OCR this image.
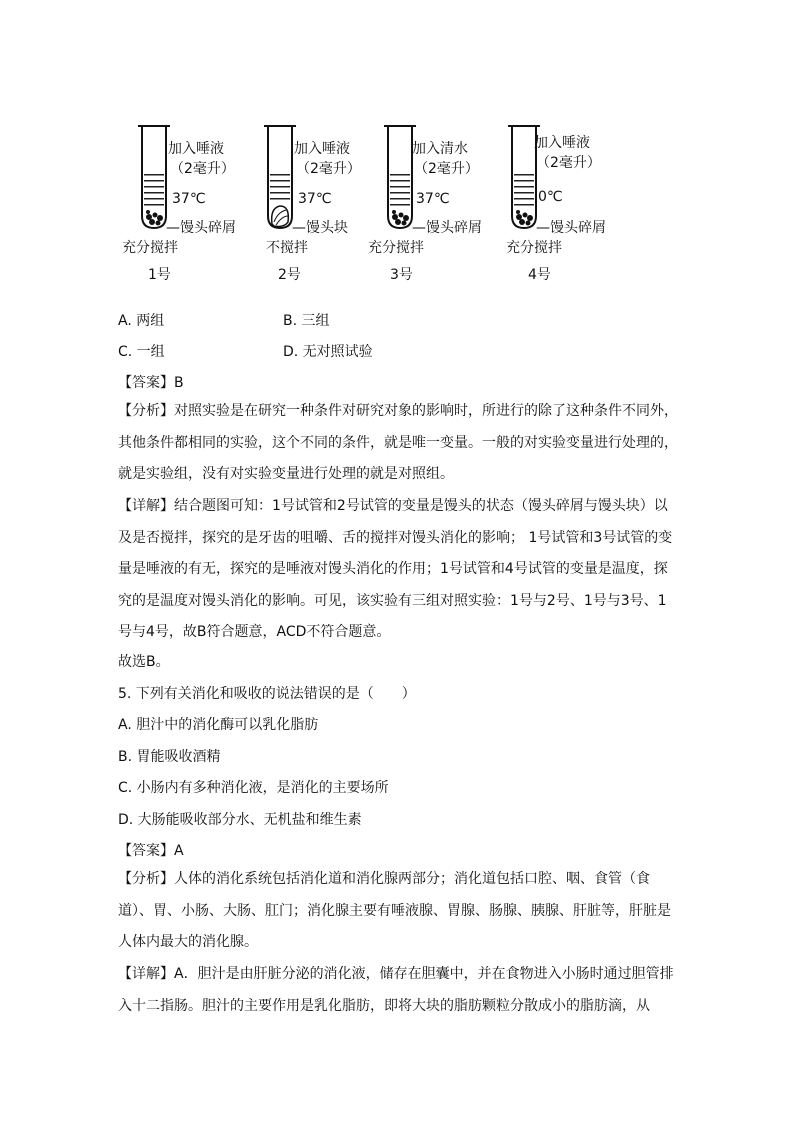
加入唾液
（2毫升）
37℃
—馒头碎屑
充分搅拌
1号
加入唾液
（2毫升）
37℃
—馒头块
不搅拌
2号
加入清水
（2毫升）
37℃
—馒头碎屑
充分搅拌
3号
加入唾液
（2毫升）
0℃
—馒头碎屑
充分搅拌
4号
A. 两组	B. 三组
C. 一组	D. 无对照试验
【答案】B
【分析】对照实验是在研究一种条件对研究对象的影响时，所进行的除了这种条件不同外，其他条件都相同的实验，这个不同的条件，就是唯一变量。一般的对实验变量进行处理的，就是实验组，没有对实验变量进行处理的就是对照组。
【详解】结合题图可知：1号试管和2号试管的变量是馒头的状态（馒头碎屑与馒头块）以及是否搅拌，探究的是牙齿的咀嚼、舌的搅拌对馒头消化的影响； 1号试管和3号试管的变量是唾液的有无，探究的是唾液对馒头消化的作用；1号试管和4号试管的变量是温度，探究的是温度对馒头消化的影响。可见，该实验有三组对照实验：1号与2号、1号与3号、1号与4号，故B符合题意，ACD不符合题意。
故选B。
5. 下列有关消化和吸收的说法错误的是（　　）
A. 胆汁中的消化酶可以乳化脂肪
B. 胃能吸收酒精
C. 小肠内有多种消化液，是消化的主要场所
D. 大肠能吸收部分水、无机盐和维生素
【答案】A
【分析】人体的消化系统包括消化道和消化腺两部分；消化道包括口腔、咽、食管（食道）、胃、小肠、大肠、肛门；消化腺主要有唾液腺、胃腺、肠腺、胰腺、肝脏等，肝脏是人体内最大的消化腺。
【详解】A．胆汁是由肝脏分泌的消化液，储存在胆囊中，并在食物进入小肠时通过胆管排入十二指肠。胆汁的主要作用是乳化脂肪，即将大块的脂肪颗粒分散成小的脂肪滴，从
